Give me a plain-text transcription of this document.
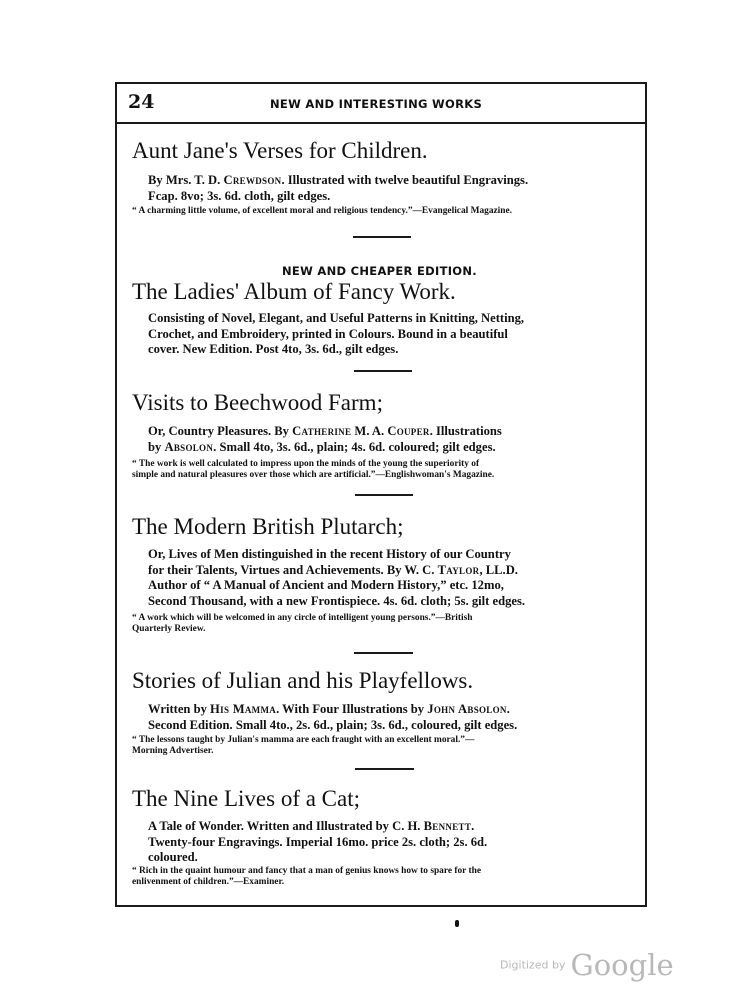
24	NEW AND INTERESTING WORKS
Aunt Jane's Verses for Children.
By Mrs. T. D. Crewdson. Illustrated with twelve beautiful Engravings.
Fcap. 8vo; 3s. 6d. cloth, gilt edges.
“ A charming little volume, of excellent moral and religious tendency.”—Evangelical Magazine.
NEW AND CHEAPER EDITION.
The Ladies' Album of Fancy Work.
Consisting of Novel, Elegant, and Useful Patterns in Knitting, Netting,
Crochet, and Embroidery, printed in Colours. Bound in a beautiful
cover. New Edition. Post 4to, 3s. 6d., gilt edges.
Visits to Beechwood Farm;
Or, Country Pleasures. By Catherine M. A. Couper. Illustrations
by Absolon. Small 4to, 3s. 6d., plain; 4s. 6d. coloured; gilt edges.
“ The work is well calculated to impress upon the minds of the young the superiority of
simple and natural pleasures over those which are artificial.”—Englishwoman's Magazine.
The Modern British Plutarch;
Or, Lives of Men distinguished in the recent History of our Country
for their Talents, Virtues and Achievements. By W. C. Taylor, LL.D.
Author of “ A Manual of Ancient and Modern History,” etc. 12mo,
Second Thousand, with a new Frontispiece. 4s. 6d. cloth; 5s. gilt edges.
“ A work which will be welcomed in any circle of intelligent young persons.”—British
Quarterly Review.
Stories of Julian and his Playfellows.
Written by His Mamma. With Four Illustrations by John Absolon.
Second Edition. Small 4to., 2s. 6d., plain; 3s. 6d., coloured, gilt edges.
“ The lessons taught by Julian's mamma are each fraught with an excellent moral.”—
Morning Advertiser.
The Nine Lives of a Cat;
A Tale of Wonder. Written and Illustrated by C. H. Bennett.
Twenty-four Engravings. Imperial 16mo. price 2s. cloth; 2s. 6d.
coloured.
“ Rich in the quaint humour and fancy that a man of genius knows how to spare for the
enlivenment of children.”—Examiner.
Digitized by Google
